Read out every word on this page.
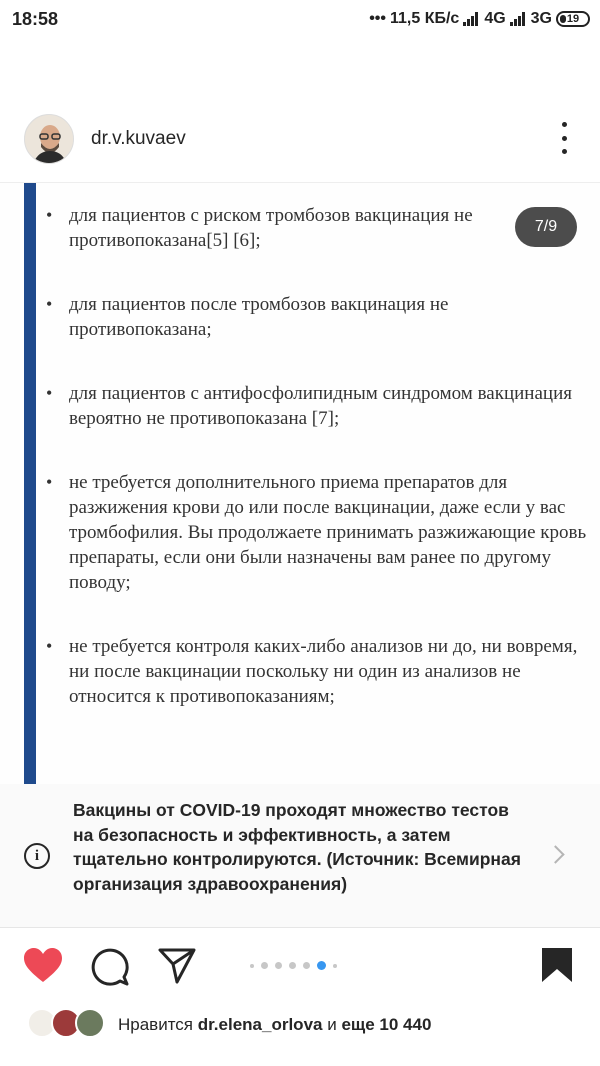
18:58	••• 11,5 КБ/с 4G 3G 19
dr.v.kuvaev
• для пациентов с риском тромбозов вакцинация не противопоказана[5] [6];
• для пациентов после тромбозов вакцинация не противопоказана;
• для пациентов с антифосфолипидным синдромом вакцинация вероятно не противопоказана [7];
• не требуется дополнительного приема препаратов для разжижения крови до или после вакцинации, даже если у вас тромбофилия. Вы продолжаете принимать разжижающие кровь препараты, если они были назначены вам ранее по другому поводу;
• не требуется контроля каких-либо анализов ни до, ни вовремя, ни после вакцинации поскольку ни один из анализов не относится к противопоказаниям;
7/9
i
Вакцины от COVID-19 проходят множество тестов на безопасность и эффективность, а затем тщательно контролируются. (Источник: Всемирная организация здравоохранения)
Нравится dr.elena_orlova и еще 10 440
